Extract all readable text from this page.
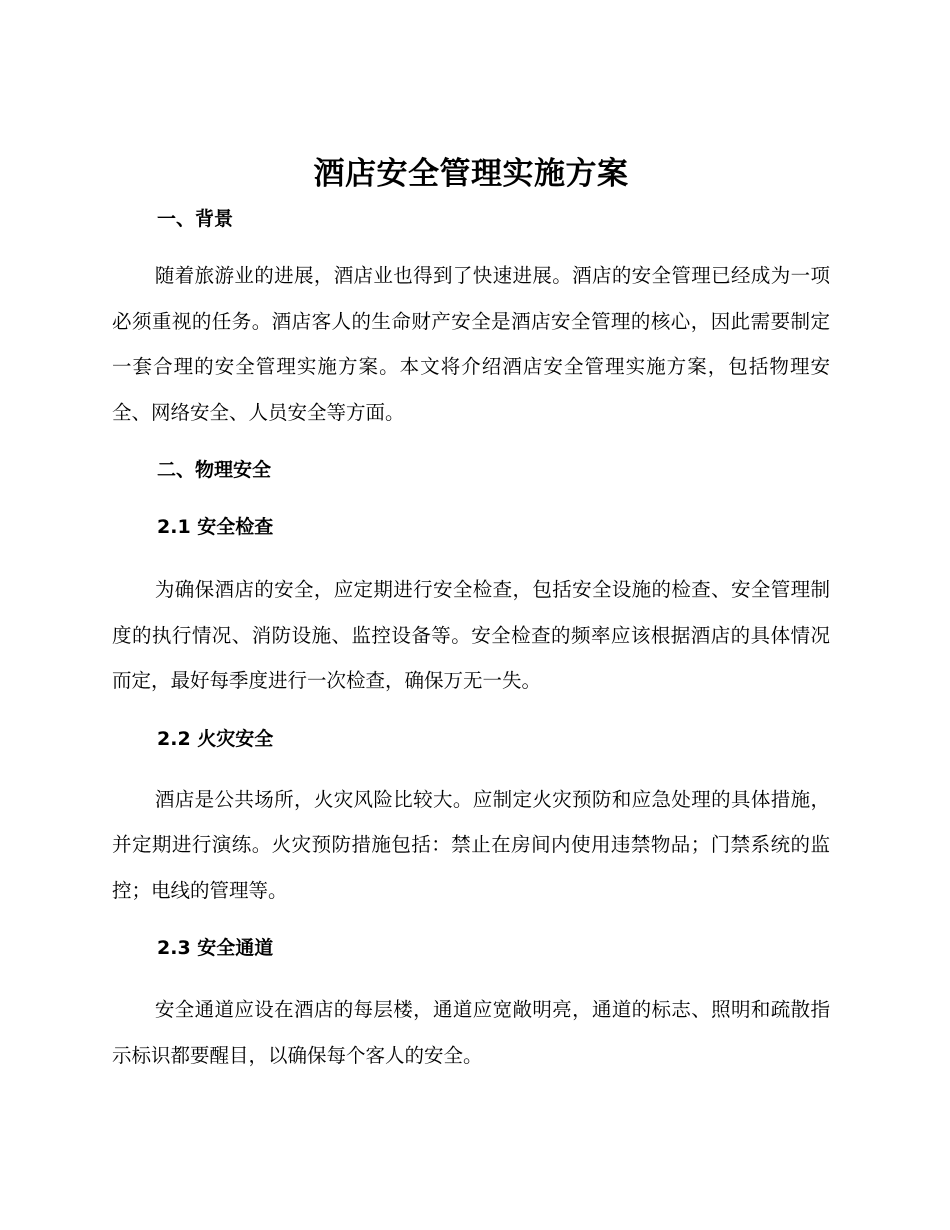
酒店安全管理实施方案
一、背景

随着旅游业的进展，酒店业也得到了快速进展。酒店的安全管理已经成为一项必须重视的任务。酒店客人的生命财产安全是酒店安全管理的核心，因此需要制定一套合理的安全管理实施方案。本文将介绍酒店安全管理实施方案，包括物理安全、网络安全、人员安全等方面。

二、物理安全
2.1 安全检查

为确保酒店的安全，应定期进行安全检查，包括安全设施的检查、安全管理制度的执行情况、消防设施、监控设备等。安全检查的频率应该根据酒店的具体情况而定，最好每季度进行一次检查，确保万无一失。

2.2 火灾安全

酒店是公共场所，火灾风险比较大。应制定火灾预防和应急处理的具体措施，并定期进行演练。火灾预防措施包括：禁止在房间内使用违禁物品；门禁系统的监控；电线的管理等。

2.3 安全通道

安全通道应设在酒店的每层楼，通道应宽敞明亮，通道的标志、照明和疏散指示标识都要醒目，以确保每个客人的安全。
